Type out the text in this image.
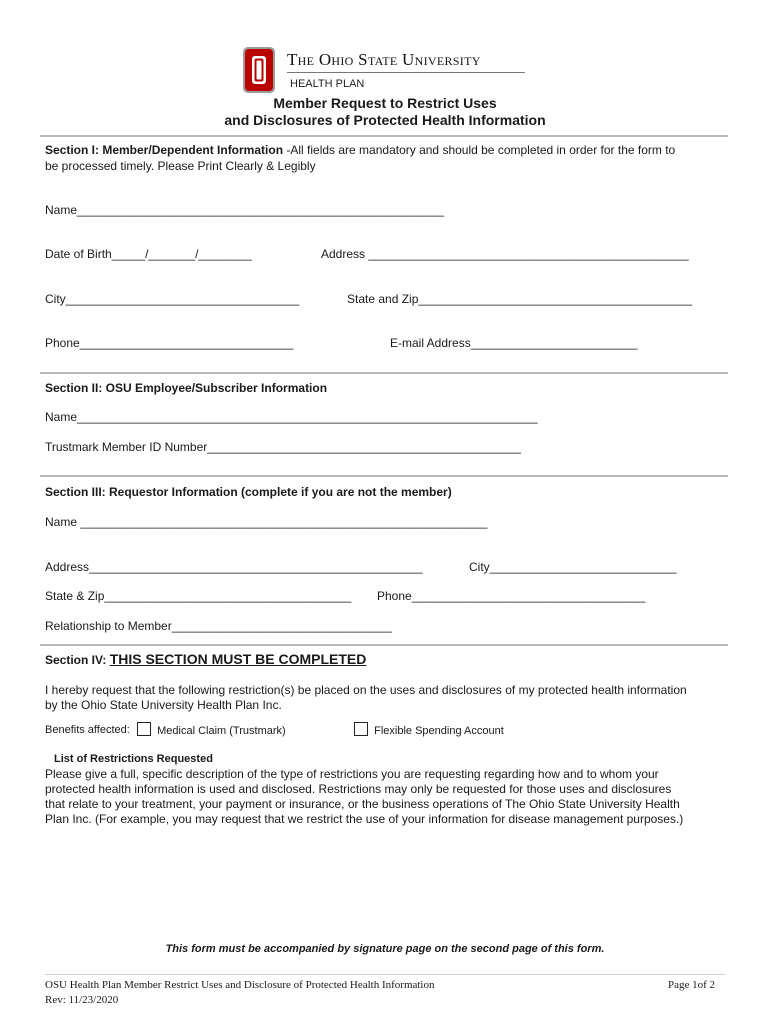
The Ohio State University
HEALTH PLAN
Member Request to Restrict Uses
and Disclosures of Protected Health Information
Section I: Member/Dependent Information -All fields are mandatory and should be completed in order for the form to
be processed timely. Please Print Clearly & Legibly
Name_______________________________________________________
Date of Birth_____/_______/________	Address ________________________________________________
City___________________________________	State and Zip_________________________________________
Phone________________________________	E-mail Address_________________________
Section II: OSU Employee/Subscriber Information
Name_____________________________________________________________________
Trustmark Member ID Number_______________________________________________
Section III: Requestor Information (complete if you are not the member)
Name _____________________________________________________________
Address__________________________________________________	City____________________________
State & Zip_____________________________________ Phone___________________________________
Relationship to Member_________________________________
Section IV: THIS SECTION MUST BE COMPLETED
I hereby request that the following restriction(s) be placed on the uses and disclosures of my protected health information
by the Ohio State University Health Plan Inc.
Benefits affected:	Medical Claim (Trustmark)	Flexible Spending Account
List of Restrictions Requested
Please give a full, specific description of the type of restrictions you are requesting regarding how and to whom your
protected health information is used and disclosed. Restrictions may only be requested for those uses and disclosures
that relate to your treatment, your payment or insurance, or the business operations of The Ohio State University Health
Plan Inc. (For example, you may request that we restrict the use of your information for disease management purposes.)
This form must be accompanied by signature page on the second page of this form.
OSU Health Plan Member Restrict Uses and Disclosure of Protected Health Information	Page 1of 2
Rev: 11/23/2020
